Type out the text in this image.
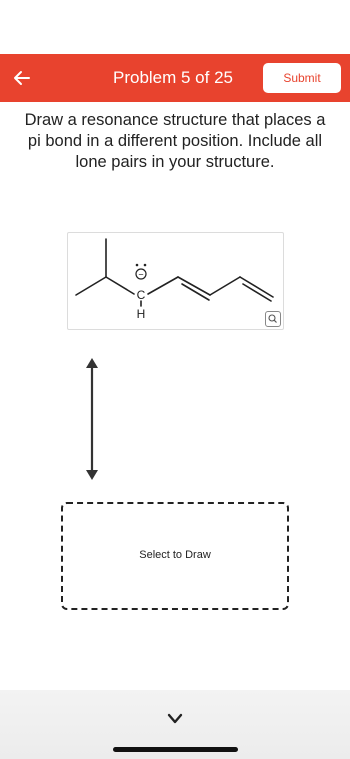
Problem 5 of 25	Submit
Draw a resonance structure that places a pi bond in a different position. Include all lone pairs in your structure.
−
C
H
Select to Draw
